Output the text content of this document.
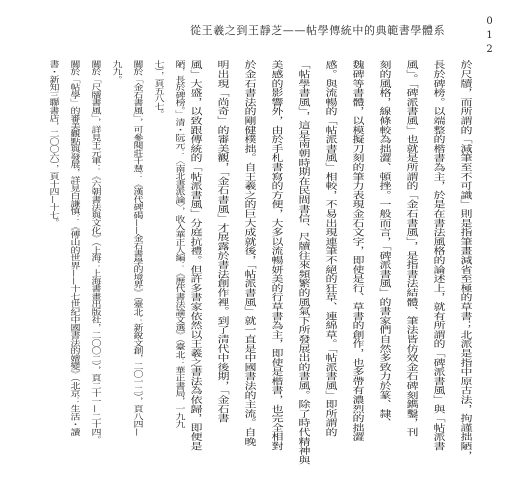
從王羲之到王靜芝——帖學傳統中的典範書學體系	012
於尺牘，而所謂的「減筆至不可識」則是指筆畫減省至極的草書；北派是指中原古法，拘謹拙陋，
長於碑榜。以端整的楷書為主，於是在書法風格的論述上，就有所謂的「碑派書風」與「帖派書
風」。「碑派書風」也就是所謂的「金石書風」，是指書法結體、筆法皆仿效金石碑刻鐫鑿，刊
刻的風格，線條較為拙澀、頓挫。一般而言，「碑派書風」的書家們自然多致力於篆、隸、
魏碑等書體，以模擬刀刻的筆力表現金石文字，即使是行、草書的創作，也多帶有濃烈的拙澀
感。與流暢的「帖派書風」相較，不易出現連筆不絕的狂草、連綿草。「帖派書風」即所謂的
「帖學書風」，這是南朝時期在民間書信、尺牘往來頻繁的風氣下所發展出的書風。除了時代精神與
美感的影響外，由於手札書寫的方便，大多以流暢妍美的行草書為主，即使是楷書，也完全相對
於金石書法的剛健樸拙。自王羲之的巨大成就後，「帖派書風」就一直是中國書法的主流。自晚
明出現「尚奇」的審美觀，「金石書風」才展露於書法創作裡。到了清代中後期，「金石書
風」大盛，以致跟傳統的「帖派書風」分庭抗禮。但許多書家依然以王羲之書法為依歸，即便是
陋，長於碑榜。」清・阮元：〈南北書派論〉，收入華正人編：《歷代書法論文選》（臺北：華正書局，一九九
七），頁五八七。
關於「金石書風」，可參閱莊千慧：《漢代碑碣——金石書學的境界》（臺北：新銳文創，二〇一二），頁八四—
九九。
關於「尺牘書風」，詳見王元軍：《六朝書法與文化》（上海：上海書畫出版社，二〇〇二），頁二十一—二十四。
關於「帖學」的審美觀點與發展，詳見白謙慎：《傅山的世界——十七世紀中國書法的嬗變》（北京：生活・讀
書・新知三聯書店，二〇〇六），頁十四—十七。
